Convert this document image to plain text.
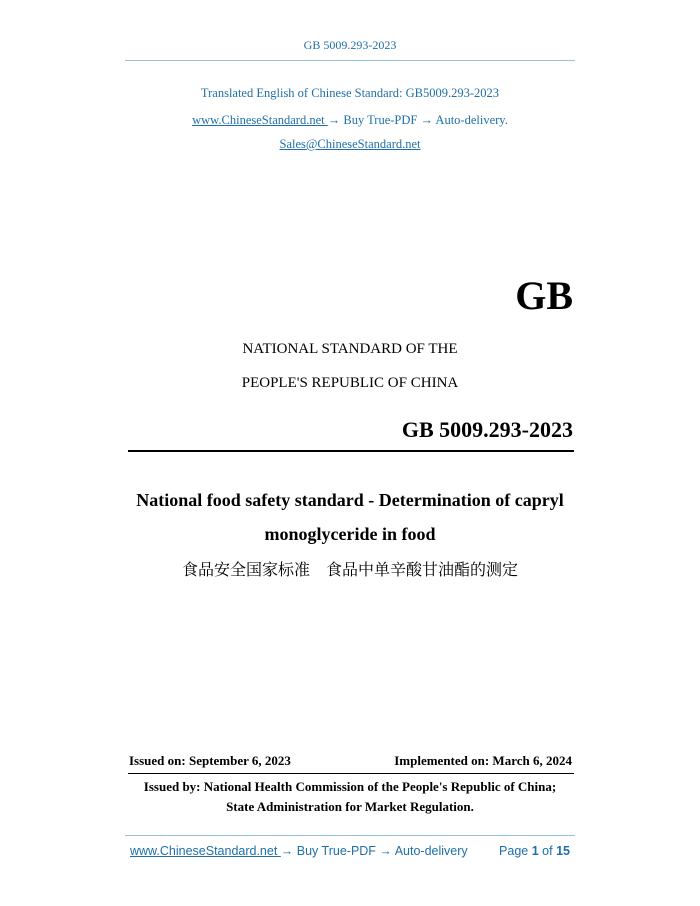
GB 5009.293-2023
Translated English of Chinese Standard: GB5009.293-2023
www.ChineseStandard.net → Buy True-PDF → Auto-delivery.
Sales@ChineseStandard.net
GB
NATIONAL STANDARD OF THE
PEOPLE'S REPUBLIC OF CHINA
GB 5009.293-2023
National food safety standard - Determination of capryl
monoglyceride in food
食品安全国家标准　食品中单辛酸甘油酯的测定
Issued on: September 6, 2023	Implemented on: March 6, 2024
Issued by: National Health Commission of the People's Republic of China;
State Administration for Market Regulation.
www.ChineseStandard.net → Buy True-PDF → Auto-delivery	Page 1 of 15
